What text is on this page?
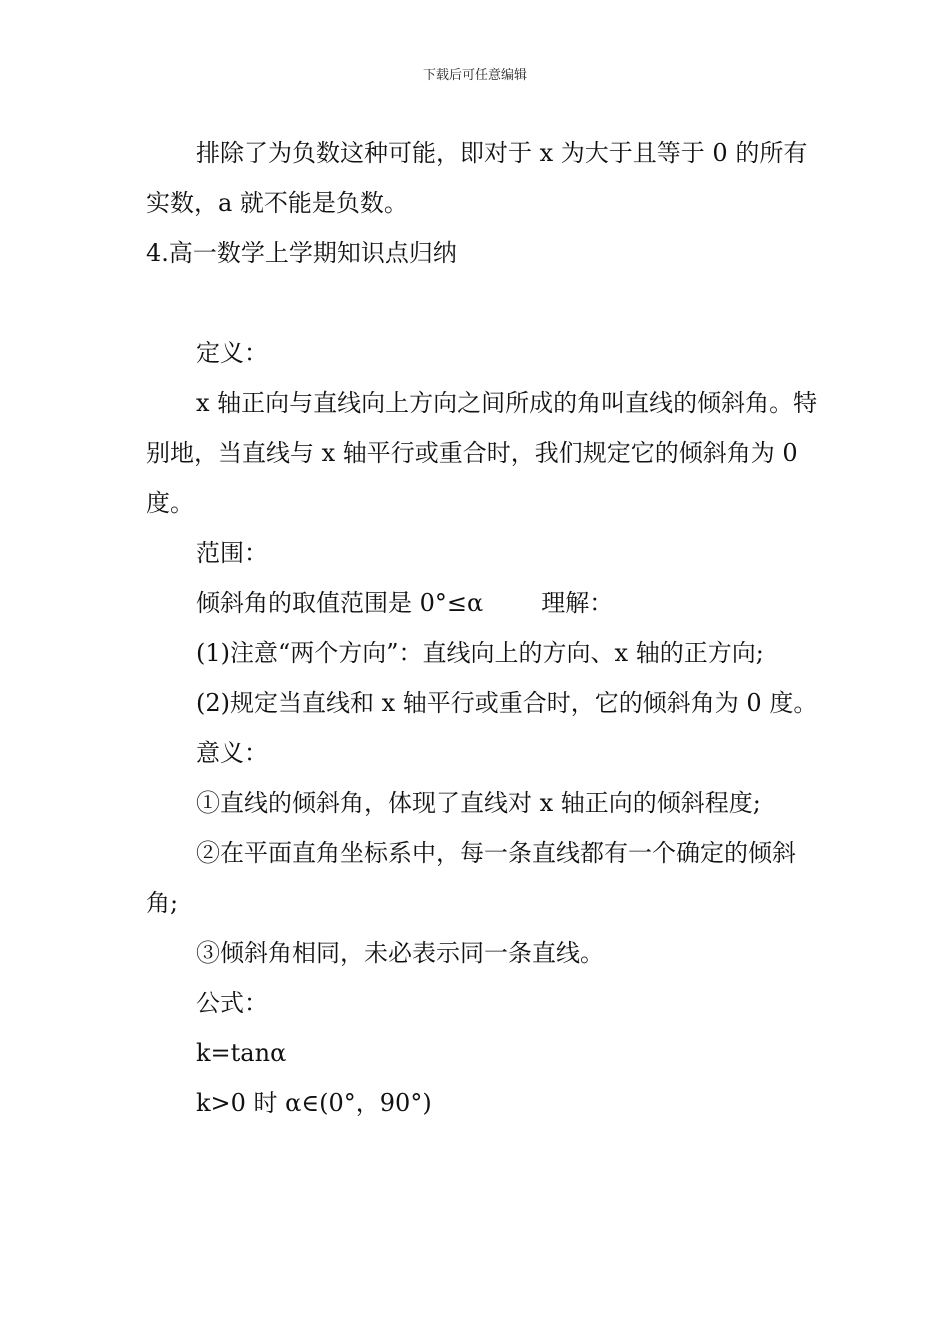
下载后可任意编辑

排除了为负数这种可能，即对于 x 为大于且等于 0 的所有实数，a 就不能是负数。

4.高一数学上学期知识点归纳

定义：

x 轴正向与直线向上方向之间所成的角叫直线的倾斜角。特别地，当直线与 x 轴平行或重合时，我们规定它的倾斜角为 0 度。

范围：

倾斜角的取值范围是 0°≤α 理解：

(1)注意“两个方向”：直线向上的方向、x 轴的正方向;

(2)规定当直线和 x 轴平行或重合时，它的倾斜角为 0 度。

意义：

①直线的倾斜角，体现了直线对 x 轴正向的倾斜程度;

②在平面直角坐标系中，每一条直线都有一个确定的倾斜角;

③倾斜角相同，未必表示同一条直线。

公式：

k=tanα

k>0 时 α∈(0°，90°)
